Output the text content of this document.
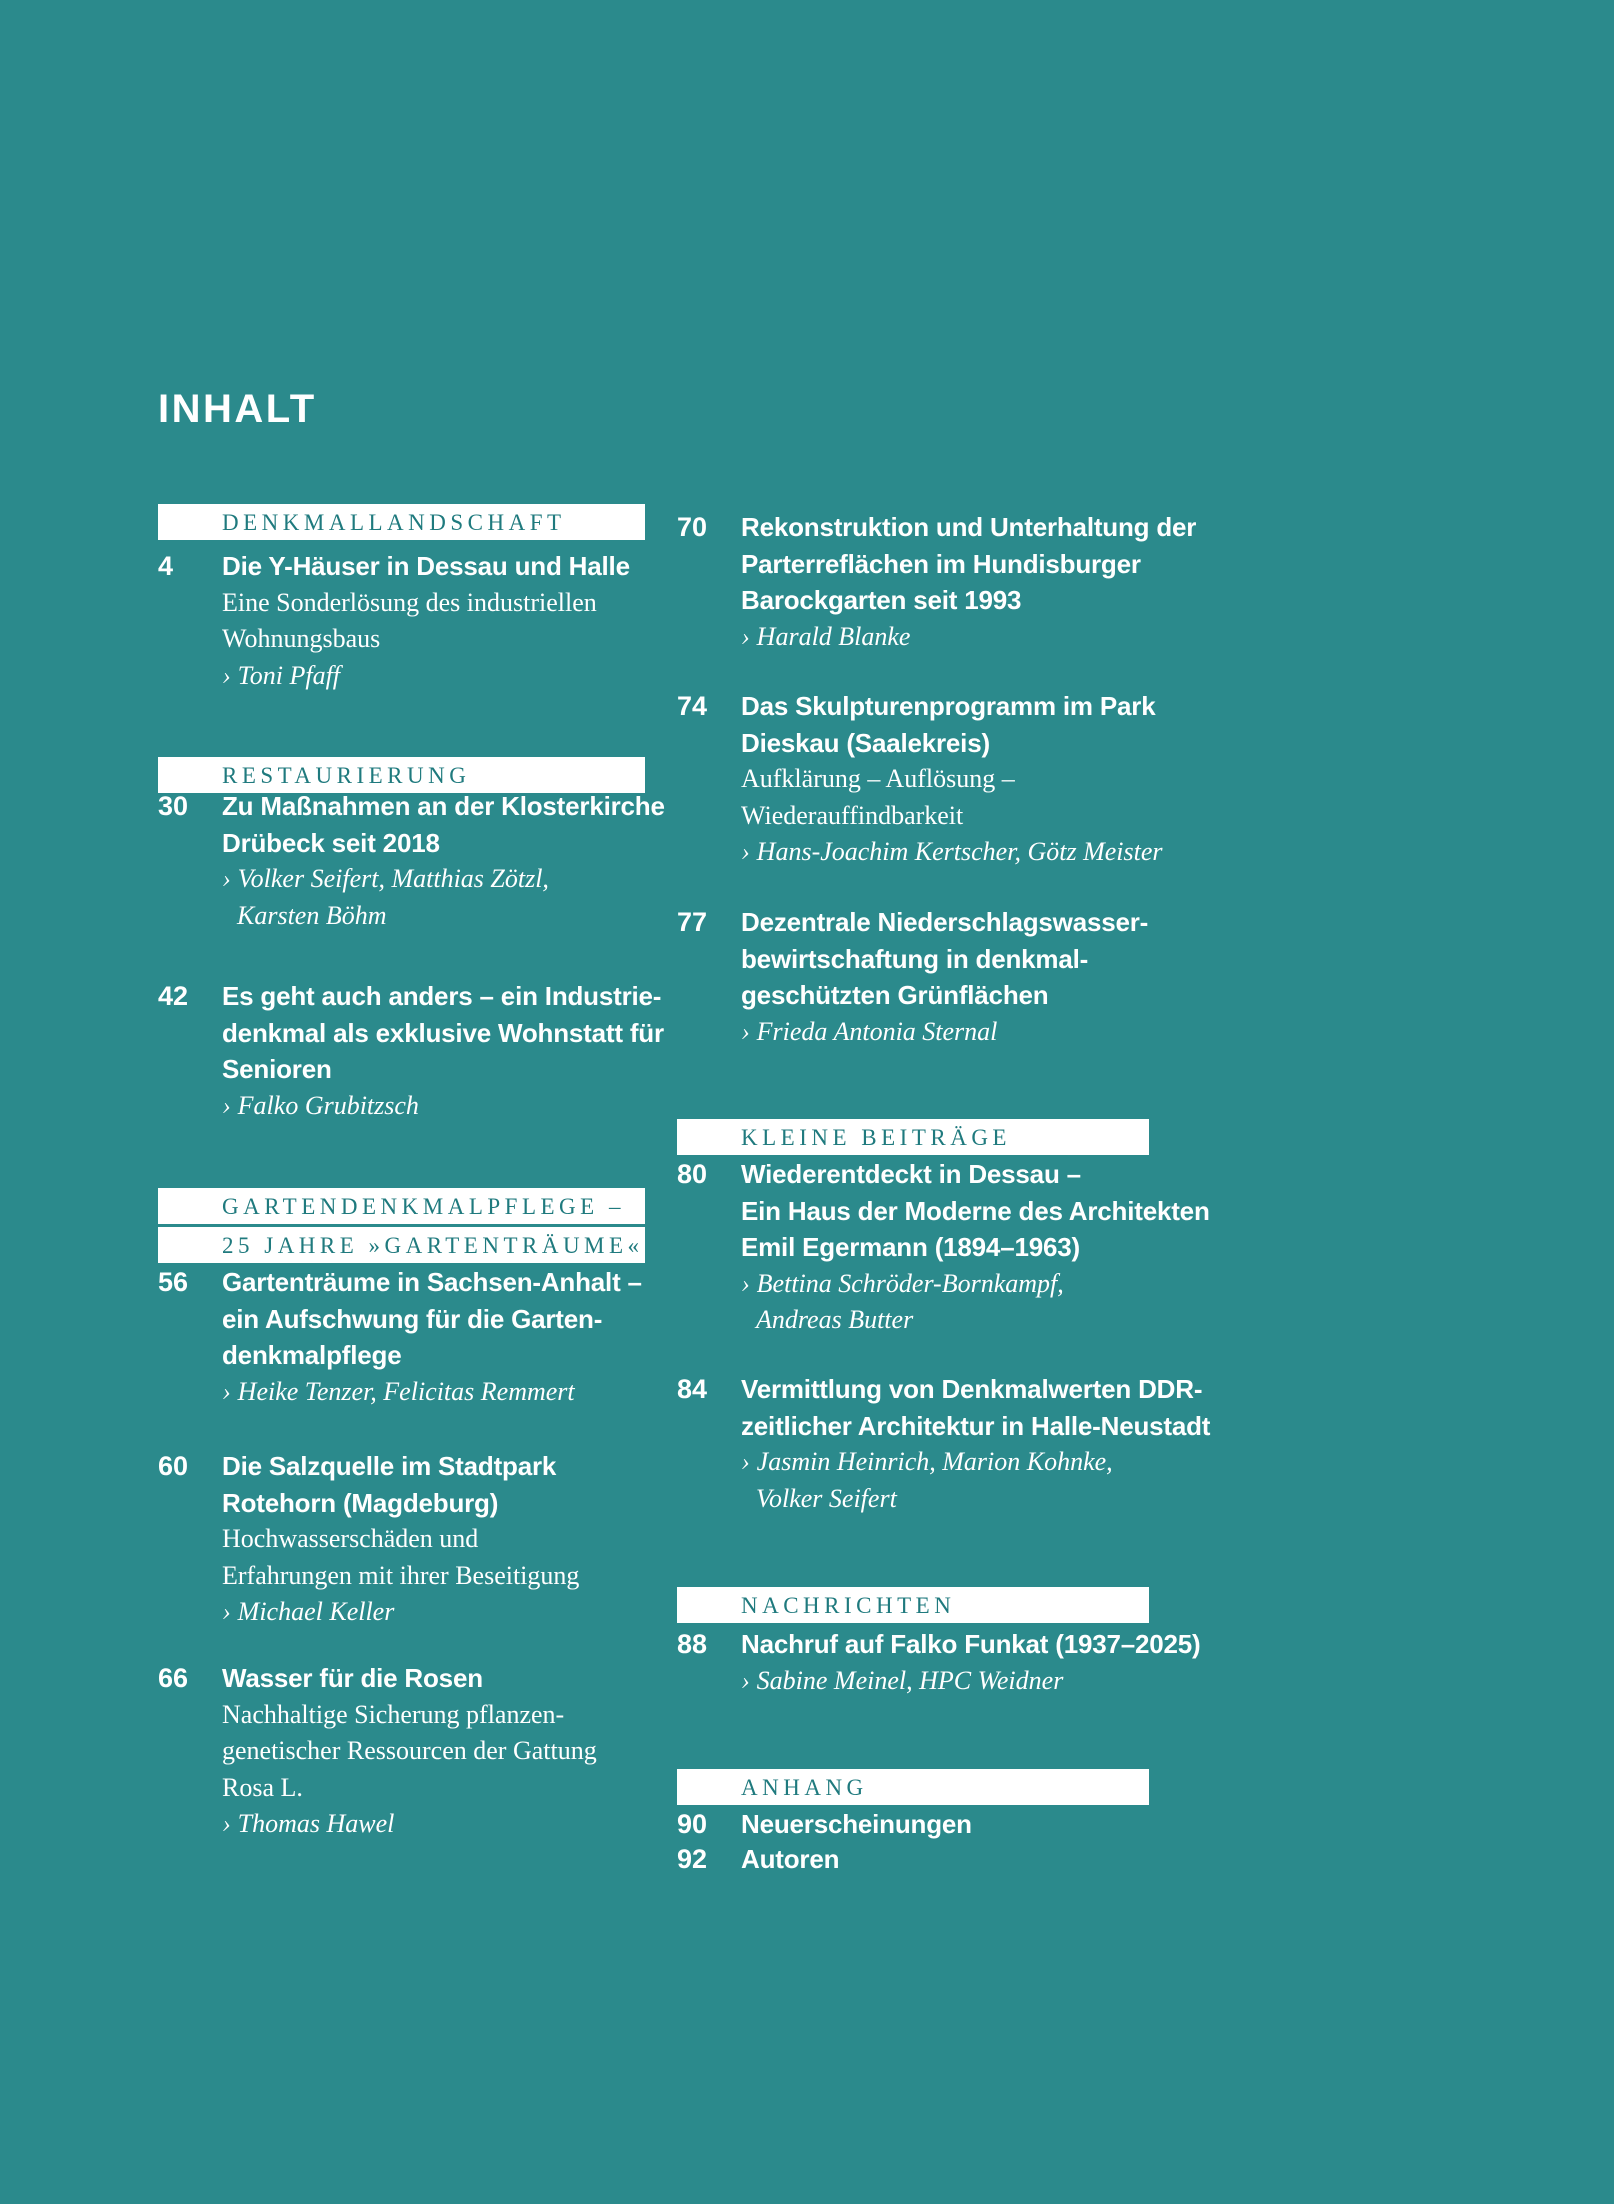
INHALT
DENKMALLANDSCHAFT
4	Die Y-Häuser in Dessau und Halle
Eine Sonderlösung des industriellen
Wohnungsbaus
› Toni Pfaff
RESTAURIERUNG
30	Zu Maßnahmen an der Klosterkirche
Drübeck seit 2018
› Volker Seifert, Matthias Zötzl,
Karsten Böhm
42	Es geht auch anders – ein Industrie-
denkmal als exklusive Wohnstatt für
Senioren
› Falko Grubitzsch
GARTENDENKMALPFLEGE –
25 JAHRE »GARTENTRÄUME«
56	Gartenträume in Sachsen-Anhalt –
ein Aufschwung für die Garten-
denkmalpflege
› Heike Tenzer, Felicitas Remmert
60	Die Salzquelle im Stadtpark
Rotehorn (Magdeburg)
Hochwasserschäden und
Erfahrungen mit ihrer Beseitigung
› Michael Keller
66	Wasser für die Rosen
Nachhaltige Sicherung pflanzen-
genetischer Ressourcen der Gattung
Rosa L.
› Thomas Hawel
70	Rekonstruktion und Unterhaltung der
Parterreflächen im Hundisburger
Barockgarten seit 1993
› Harald Blanke
74	Das Skulpturenprogramm im Park
Dieskau (Saalekreis)
Aufklärung – Auflösung –
Wiederauffindbarkeit
› Hans-Joachim Kertscher, Götz Meister
77	Dezentrale Niederschlagswasser-
bewirtschaftung in denkmal-
geschützten Grünflächen
› Frieda Antonia Sternal
KLEINE BEITRÄGE
80	Wiederentdeckt in Dessau –
Ein Haus der Moderne des Architekten
Emil Egermann (1894–1963)
› Bettina Schröder-Bornkampf,
Andreas Butter
84	Vermittlung von Denkmalwerten DDR-
zeitlicher Architektur in Halle-Neustadt
› Jasmin Heinrich, Marion Kohnke,
Volker Seifert
NACHRICHTEN
88	Nachruf auf Falko Funkat (1937–2025)
› Sabine Meinel, HPC Weidner
ANHANG
90	Neuerscheinungen
92	Autoren
